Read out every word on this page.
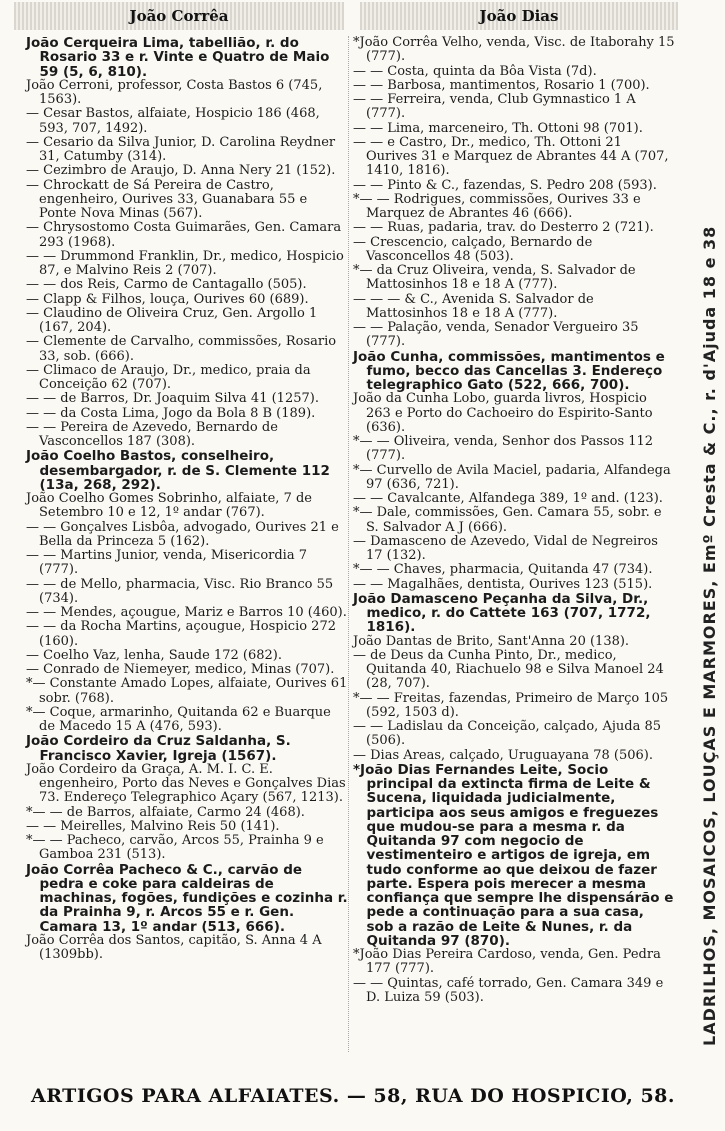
João Corrêa	João Dias

João Cerqueira Lima, tabellião, r. do Rosario 33 e r. Vinte e Quatro de Maio 59 (5, 6, 810).

João Cerroni, professor, Costa Bastos 6 (745, 1563).

— Cesar Bastos, alfaiate, Hospicio 186 (468, 593, 707, 1492).

— Cesario da Silva Junior, D. Carolina Reydner 31, Catumby (314).

— Cezimbro de Araujo, D. Anna Nery 21 (152).

— Chrockatt de Sá Pereira de Castro, engenheiro, Ourives 33, Guanabara 55 e Ponte Nova Minas (567).

— Chrysostomo Costa Guimarães, Gen. Camara 293 (1968).

— — Drummond Franklin, Dr., medico, Hospicio 87, e Malvino Reis 2 (707).

— — dos Reis, Carmo de Cantagallo (505).

— Clapp & Filhos, louça, Ourives 60 (689).

— Claudino de Oliveira Cruz, Gen. Argollo 1 (167, 204).

— Clemente de Carvalho, commissões, Rosario 33, sob. (666).

— Climaco de Araujo, Dr., medico, praia da Conceição 62 (707).

— — de Barros, Dr. Joaquim Silva 41 (1257).

— — da Costa Lima, Jogo da Bola 8 B (189).

— — Pereira de Azevedo, Bernardo de Vasconcellos 187 (308).

João Coelho Bastos, conselheiro, desembargador, r. de S. Clemente 112 (13a, 268, 292).

João Coelho Gomes Sobrinho, alfaiate, 7 de Setembro 10 e 12, 1º andar (767).

— — Gonçalves Lisbôa, advogado, Ourives 21 e Bella da Princeza 5 (162).

— — Martins Junior, venda, Misericordia 7 (777).

— — de Mello, pharmacia, Visc. Rio Branco 55 (734).

— — Mendes, açougue, Mariz e Barros 10 (460).

— — da Rocha Martins, açougue, Hospicio 272 (160).

— Coelho Vaz, lenha, Saude 172 (682).

— Conrado de Niemeyer, medico, Minas (707).

*— Constante Amado Lopes, alfaiate, Ourives 61 sobr. (768).

*— Coque, armarinho, Quitanda 62 e Buarque de Macedo 15 A (476, 593).

João Cordeiro da Cruz Saldanha, S. Francisco Xavier, Igreja (1567).

João Cordeiro da Graça, A. M. I. C. E. engenheiro, Porto das Neves e Gonçalves Dias 73. Endereço Telegraphico Açary (567, 1213).

*— — de Barros, alfaiate, Carmo 24 (468).

— — Meirelles, Malvino Reis 50 (141).

*— — Pacheco, carvão, Arcos 55, Prainha 9 e Gamboa 231 (513).

João Corrêa Pacheco & C., carvão de pedra e coke para caldeiras de machinas, fogões, fundições e cozinha r. da Prainha 9, r. Arcos 55 e r. Gen. Camara 13, 1º andar (513, 666).

João Corrêa dos Santos, capitão, S. Anna 4 A (1309bb).

*João Corrêa Velho, venda, Visc. de Itaborahy 15 (777).

— — Costa, quinta da Bôa Vista (7d).

— — Barbosa, mantimentos, Rosario 1 (700).

— — Ferreira, venda, Club Gymnastico 1 A (777).

— — Lima, marceneiro, Th. Ottoni 98 (701).

— — e Castro, Dr., medico, Th. Ottoni 21 Ourives 31 e Marquez de Abrantes 44 A (707, 1410, 1816).

— — Pinto & C., fazendas, S. Pedro 208 (593).

*— — Rodrigues, commissões, Ourives 33 e Marquez de Abrantes 46 (666).

— — Ruas, padaria, trav. do Desterro 2 (721).

— Crescencio, calçado, Bernardo de Vasconcellos 48 (503).

*— da Cruz Oliveira, venda, S. Salvador de Mattosinhos 18 e 18 A (777).

— — — & C., Avenida S. Salvador de Mattosinhos 18 e 18 A (777).

— — Palação, venda, Senador Vergueiro 35 (777).

João Cunha, commissões, mantimentos e fumo, becco das Cancellas 3. Endereço telegraphico Gato (522, 666, 700).

João da Cunha Lobo, guarda livros, Hospicio 263 e Porto do Cachoeiro do Espirito-Santo (636).

*— — Oliveira, venda, Senhor dos Passos 112 (777).

*— Curvello de Avila Maciel, padaria, Alfandega 97 (636, 721).

— — Cavalcante, Alfandega 389, 1º and. (123).

*— Dale, commissões, Gen. Camara 55, sobr. e S. Salvador A J (666).

— Damasceno de Azevedo, Vidal de Negreiros 17 (132).

*— — Chaves, pharmacia, Quitanda 47 (734).

— — Magalhães, dentista, Ourives 123 (515).

João Damasceno Peçanha da Silva, Dr., medico, r. do Cattete 163 (707, 1772, 1816).

João Dantas de Brito, Sant'Anna 20 (138).

— de Deus da Cunha Pinto, Dr., medico, Quitanda 40, Riachuelo 98 e Silva Manoel 24 (28, 707).

*— — Freitas, fazendas, Primeiro de Março 105 (592, 1503 d).

— — Ladislau da Conceição, calçado, Ajuda 85 (506).

— Dias Areas, calçado, Uruguayana 78 (506).

*João Dias Fernandes Leite, Socio principal da extincta firma de Leite & Sucena, liquidada judicialmente, participa aos seus amigos e freguezes que mudou-se para a mesma r. da Quitanda 97 com negocio de vestimenteiro e artigos de igreja, em tudo conforme ao que deixou de fazer parte. Espera pois merecer a mesma confiança que sempre lhe dispensárão e pede a continuação para a sua casa, sob a razão de Leite & Nunes, r. da Quitanda 97 (870).

*João Dias Pereira Cardoso, venda, Gen. Pedra 177 (777).

— — Quintas, café torrado, Gen. Camara 349 e D. Luiza 59 (503).	LADRILHOS, MOSAICOS, LOUÇAS E MARMORES, Emº Cresta & C., r. d'Ajuda 18 e 38
ARTIGOS PARA ALFAIATES. — 58, RUA DO HOSPICIO, 58.
